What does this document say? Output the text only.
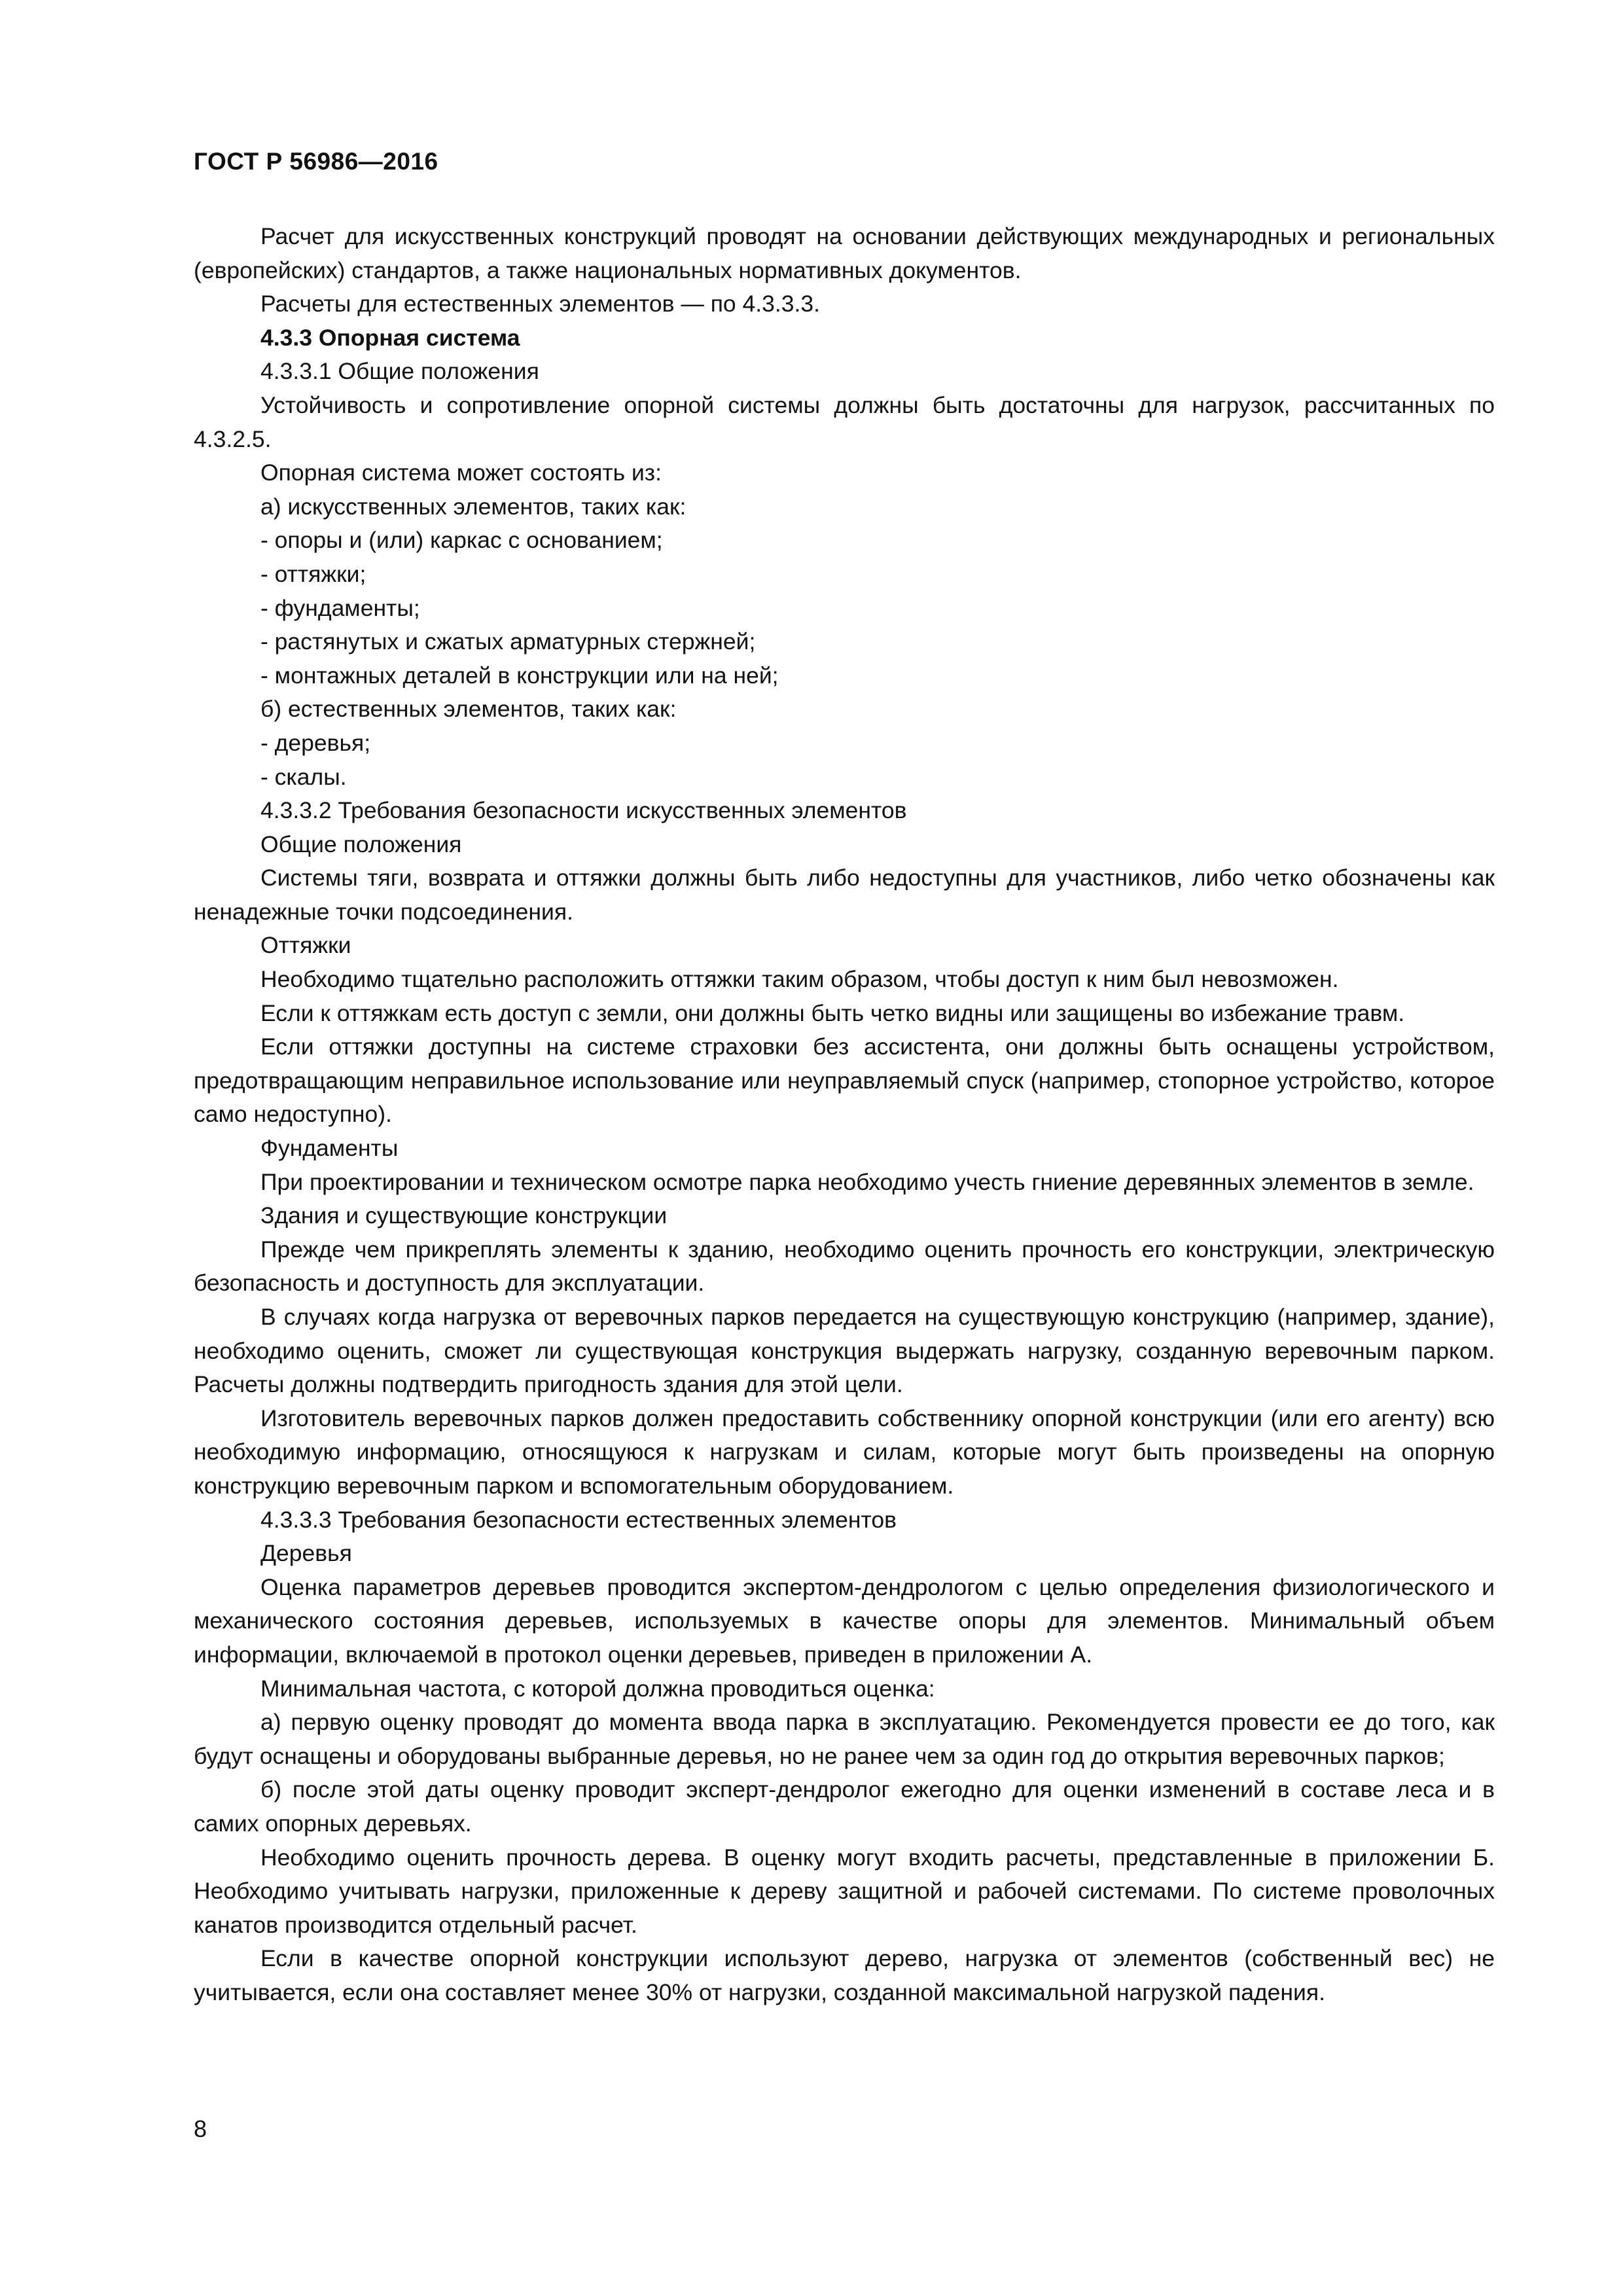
ГОСТ Р 56986—2016

Расчет для искусственных конструкций проводят на основании действующих международных и региональных (европейских) стандартов, а также национальных нормативных документов.

Расчеты для естественных элементов — по 4.3.3.3.

4.3.3 Опорная система

4.3.3.1 Общие положения

Устойчивость и сопротивление опорной системы должны быть достаточны для нагрузок, рассчитанных по 4.3.2.5.

Опорная система может состоять из:

а) искусственных элементов, таких как:

- опоры и (или) каркас с основанием;

- оттяжки;

- фундаменты;

- растянутых и сжатых арматурных стержней;

- монтажных деталей в конструкции или на ней;

б) естественных элементов, таких как:

- деревья;

- скалы.

4.3.3.2 Требования безопасности искусственных элементов

Общие положения

Системы тяги, возврата и оттяжки должны быть либо недоступны для участников, либо четко обозначены как ненадежные точки подсоединения.

Оттяжки

Необходимо тщательно расположить оттяжки таким образом, чтобы доступ к ним был невозможен.

Если к оттяжкам есть доступ с земли, они должны быть четко видны или защищены во избежание травм.

Если оттяжки доступны на системе страховки без ассистента, они должны быть оснащены устройством, предотвращающим неправильное использование или неуправляемый спуск (например, стопорное устройство, которое само недоступно).

Фундаменты

При проектировании и техническом осмотре парка необходимо учесть гниение деревянных элементов в земле.

Здания и существующие конструкции

Прежде чем прикреплять элементы к зданию, необходимо оценить прочность его конструкции, электрическую безопасность и доступность для эксплуатации.

В случаях когда нагрузка от веревочных парков передается на существующую конструкцию (например, здание), необходимо оценить, сможет ли существующая конструкция выдержать нагрузку, созданную веревочным парком. Расчеты должны подтвердить пригодность здания для этой цели.

Изготовитель веревочных парков должен предоставить собственнику опорной конструкции (или его агенту) всю необходимую информацию, относящуюся к нагрузкам и силам, которые могут быть произведены на опорную конструкцию веревочным парком и вспомогательным оборудованием.

4.3.3.3 Требования безопасности естественных элементов

Деревья

Оценка параметров деревьев проводится экспертом-дендрологом с целью определения физиологического и механического состояния деревьев, используемых в качестве опоры для элементов. Минимальный объем информации, включаемой в протокол оценки деревьев, приведен в приложении А.

Минимальная частота, с которой должна проводиться оценка:

а) первую оценку проводят до момента ввода парка в эксплуатацию. Рекомендуется провести ее до того, как будут оснащены и оборудованы выбранные деревья, но не ранее чем за один год до открытия веревочных парков;

б) после этой даты оценку проводит эксперт-дендролог ежегодно для оценки изменений в составе леса и в самих опорных деревьях.

Необходимо оценить прочность дерева. В оценку могут входить расчеты, представленные в приложении Б. Необходимо учитывать нагрузки, приложенные к дереву защитной и рабочей системами. По системе проволочных канатов производится отдельный расчет.

Если в качестве опорной конструкции используют дерево, нагрузка от элементов (собственный вес) не учитывается, если она составляет менее 30% от нагрузки, созданной максимальной нагрузкой падения.

8
